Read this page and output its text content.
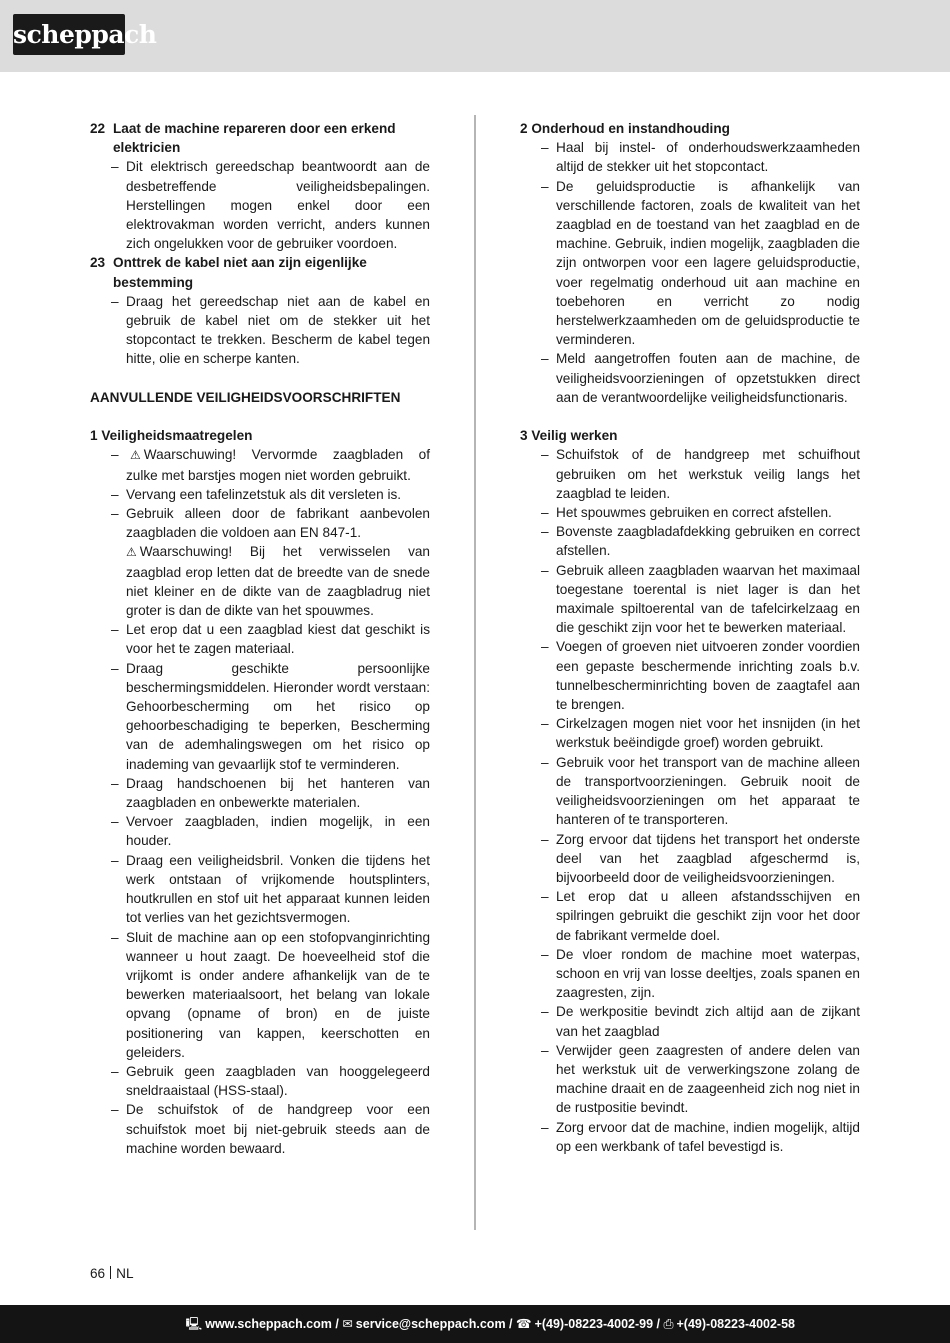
scheppach
22 Laat de machine repareren door een erkend elektricien
– Dit elektrisch gereedschap beantwoordt aan de desbetreffende veiligheidsbepalingen. Herstellingen mogen enkel door een elektrovakman worden verricht, anders kunnen zich ongelukken voor de gebruiker voordoen.
23 Onttrek de kabel niet aan zijn eigenlijke bestemming
– Draag het gereedschap niet aan de kabel en gebruik de kabel niet om de stekker uit het stopcontact te trekken. Bescherm de kabel tegen hitte, olie en scherpe kanten.
AANVULLENDE VEILIGHEIDSVOORSCHRIFTEN
1 Veiligheidsmaatregelen
– ⚠ Waarschuwing! Vervormde zaagbladen of zulke met barstjes mogen niet worden gebruikt.
– Vervang een tafelinzetstuk als dit versleten is.
– Gebruik alleen door de fabrikant aanbevolen zaagbladen die voldoen aan EN 847-1.
⚠ Waarschuwing! Bij het verwisselen van zaagblad erop letten dat de breedte van de snede niet kleiner en de dikte van de zaagbladrug niet groter is dan de dikte van het spouwmes.
– Let erop dat u een zaagblad kiest dat geschikt is voor het te zagen materiaal.
– Draag geschikte persoonlijke beschermingsmiddelen. Hieronder wordt verstaan: Gehoorbescherming om het risico op gehoorbeschadiging te beperken, Bescherming van de ademhalingswegen om het risico op inademing van gevaarlijk stof te verminderen.
– Draag handschoenen bij het hanteren van zaagbladen en onbewerkte materialen.
– Vervoer zaagbladen, indien mogelijk, in een houder.
– Draag een veiligheidsbril. Vonken die tijdens het werk ontstaan of vrijkomende houtsplinters, houtkrullen en stof uit het apparaat kunnen leiden tot verlies van het gezichtsvermogen.
– Sluit de machine aan op een stofopvanginrichting wanneer u hout zaagt. De hoeveelheid stof die vrijkomt is onder andere afhankelijk van de te bewerken materiaalsoort, het belang van lokale opvang (opname of bron) en de juiste positionering van kappen, keerschotten en geleiders.
– Gebruik geen zaagbladen van hooggelegeerd sneldraaistaal (HSS-staal).
– De schuifstok of de handgreep voor een schuifstok moet bij niet-gebruik steeds aan de machine worden bewaard.
2 Onderhoud en instandhouding
– Haal bij instel- of onderhoudswerkzaamheden altijd de stekker uit het stopcontact.
– De geluidsproductie is afhankelijk van verschillende factoren, zoals de kwaliteit van het zaagblad en de toestand van het zaagblad en de machine. Gebruik, indien mogelijk, zaagbladen die zijn ontworpen voor een lagere geluidsproductie, voer regelmatig onderhoud uit aan machine en toebehoren en verricht zo nodig herstelwerkzaamheden om de geluidsproductie te verminderen.
– Meld aangetroffen fouten aan de machine, de veiligheidsvoorzieningen of opzetstukken direct aan de verantwoordelijke veiligheidsfunctionaris.
3 Veilig werken
– Schuifstok of de handgreep met schuifhout gebruiken om het werkstuk veilig langs het zaagblad te leiden.
– Het spouwmes gebruiken en correct afstellen.
– Bovenste zaagbladafdekking gebruiken en correct afstellen.
– Gebruik alleen zaagbladen waarvan het maximaal toegestane toerental is niet lager is dan het maximale spiltoerental van de tafelcirkelzaag en die geschikt zijn voor het te bewerken materiaal.
– Voegen of groeven niet uitvoeren zonder voordien een gepaste beschermende inrichting zoals b.v. tunnelbescherminrichting boven de zaagtafel aan te brengen.
– Cirkelzagen mogen niet voor het insnijden (in het werkstuk beëindigde groef) worden gebruikt.
– Gebruik voor het transport van de machine alleen de transportvoorzieningen. Gebruik nooit de veiligheidsvoorzieningen om het apparaat te hanteren of te transporteren.
– Zorg ervoor dat tijdens het transport het onderste deel van het zaagblad afgeschermd is, bijvoorbeeld door de veiligheidsvoorzieningen.
– Let erop dat u alleen afstandsschijven en spilringen gebruikt die geschikt zijn voor het door de fabrikant vermelde doel.
– De vloer rondom de machine moet waterpas, schoon en vrij van losse deeltjes, zoals spanen en zaagresten, zijn.
– De werkpositie bevindt zich altijd aan de zijkant van het zaagblad
– Verwijder geen zaagresten of andere delen van het werkstuk uit de verwerkingszone zolang de machine draait en de zaageenheid zich nog niet in de rustpositie bevindt.
– Zorg ervoor dat de machine, indien mogelijk, altijd op een werkbank of tafel bevestigd is.
66 NL
🖳 www.scheppach.com / ✉ service@scheppach.com / ☎ +(49)-08223-4002-99 / ⎙ +(49)-08223-4002-58
